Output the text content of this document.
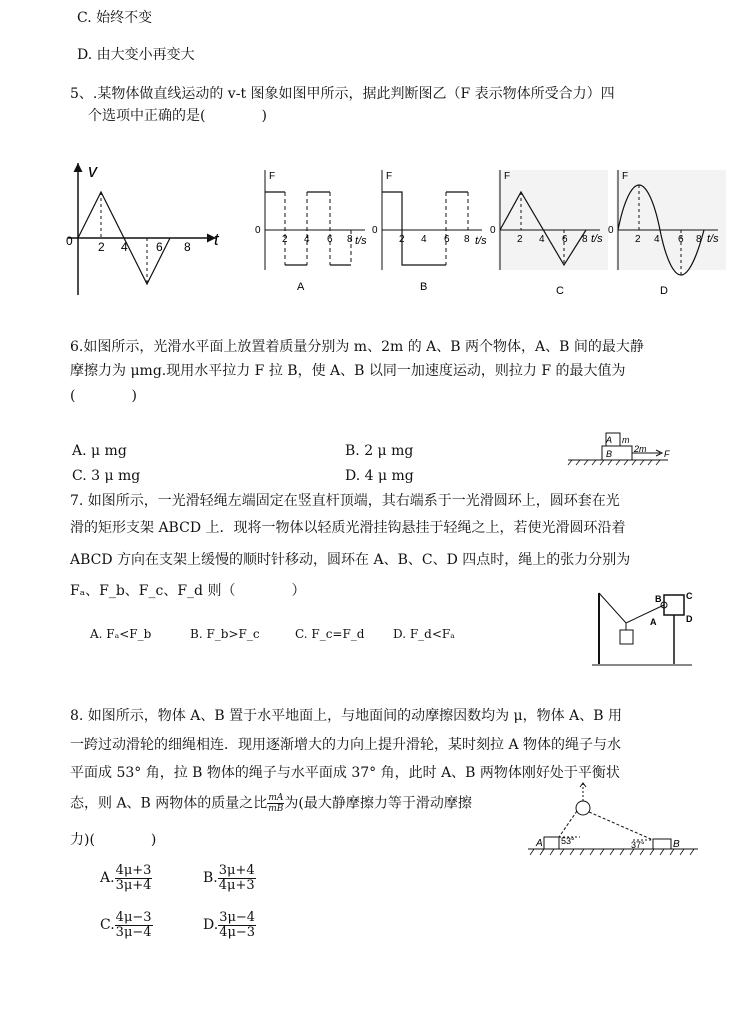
C. 始终不变
D. 由大变小再变大
5、.某物体做直线运动的 v-t 图象如图甲所示，据此判断图乙（F 表示物体所受合力）四
个选项中正确的是(　　　　)
v
t
0 2 4 6 8
F
0
2 4 6 8 t/s
A
F
0
2 4 6 8 t/s
B
F
0
2 4 6 8 t/s
C
F
0
2 4 6 8 t/s
D
6.如图所示，光滑水平面上放置着质量分别为 m、2m 的 A、B 两个物体，A、B 间的最大静
摩擦力为 μmg.现用水平拉力 F 拉 B，使 A、B 以同一加速度运动，则拉力 F 的最大值为
(　　　　)
A. μ mg	B. 2 μ mg
C. 3 μ mg	D. 4 μ mg
A m
B 2m F
7. 如图所示，一光滑轻绳左端固定在竖直杆顶端，其右端系于一光滑圆环上，圆环套在光
滑的矩形支架 ABCD 上．现将一物体以轻质光滑挂钩悬挂于轻绳之上，若使光滑圆环沿着
ABCD 方向在支架上缓慢的顺时针移动，圆环在 A、B、C、D 四点时，绳上的张力分别为
Fₐ、F_b、F_c、F_d 则（　　　　）
A. Fₐ<F_b	B. F_b>F_c	C. F_c=F_d D. F_d<Fₐ
B	C
D
A
8. 如图所示，物体 A、B 置于水平地面上，与地面间的动摩擦因数均为 μ，物体 A、B 用
一跨过动滑轮的细绳相连．现用逐渐增大的力向上提升滑轮，某时刻拉 A 物体的绳子与水
平面成 53° 角，拉 B 物体的绳子与水平面成 37° 角，此时 A、B 两物体刚好处于平衡状
态，则 A、B 两物体的质量之比 $\frac{mA}{mB}$ 为(最大静摩擦力等于滑动摩擦
力)(　　　　)
A. $\frac{4\mu+3}{3\mu+4}$	B. $\frac{3\mu+4}{4\mu+3}$
C. $\frac{4\mu-3}{3\mu-4}$	D. $\frac{3\mu-4}{4\mu-3}$
A	B
53°	37°
